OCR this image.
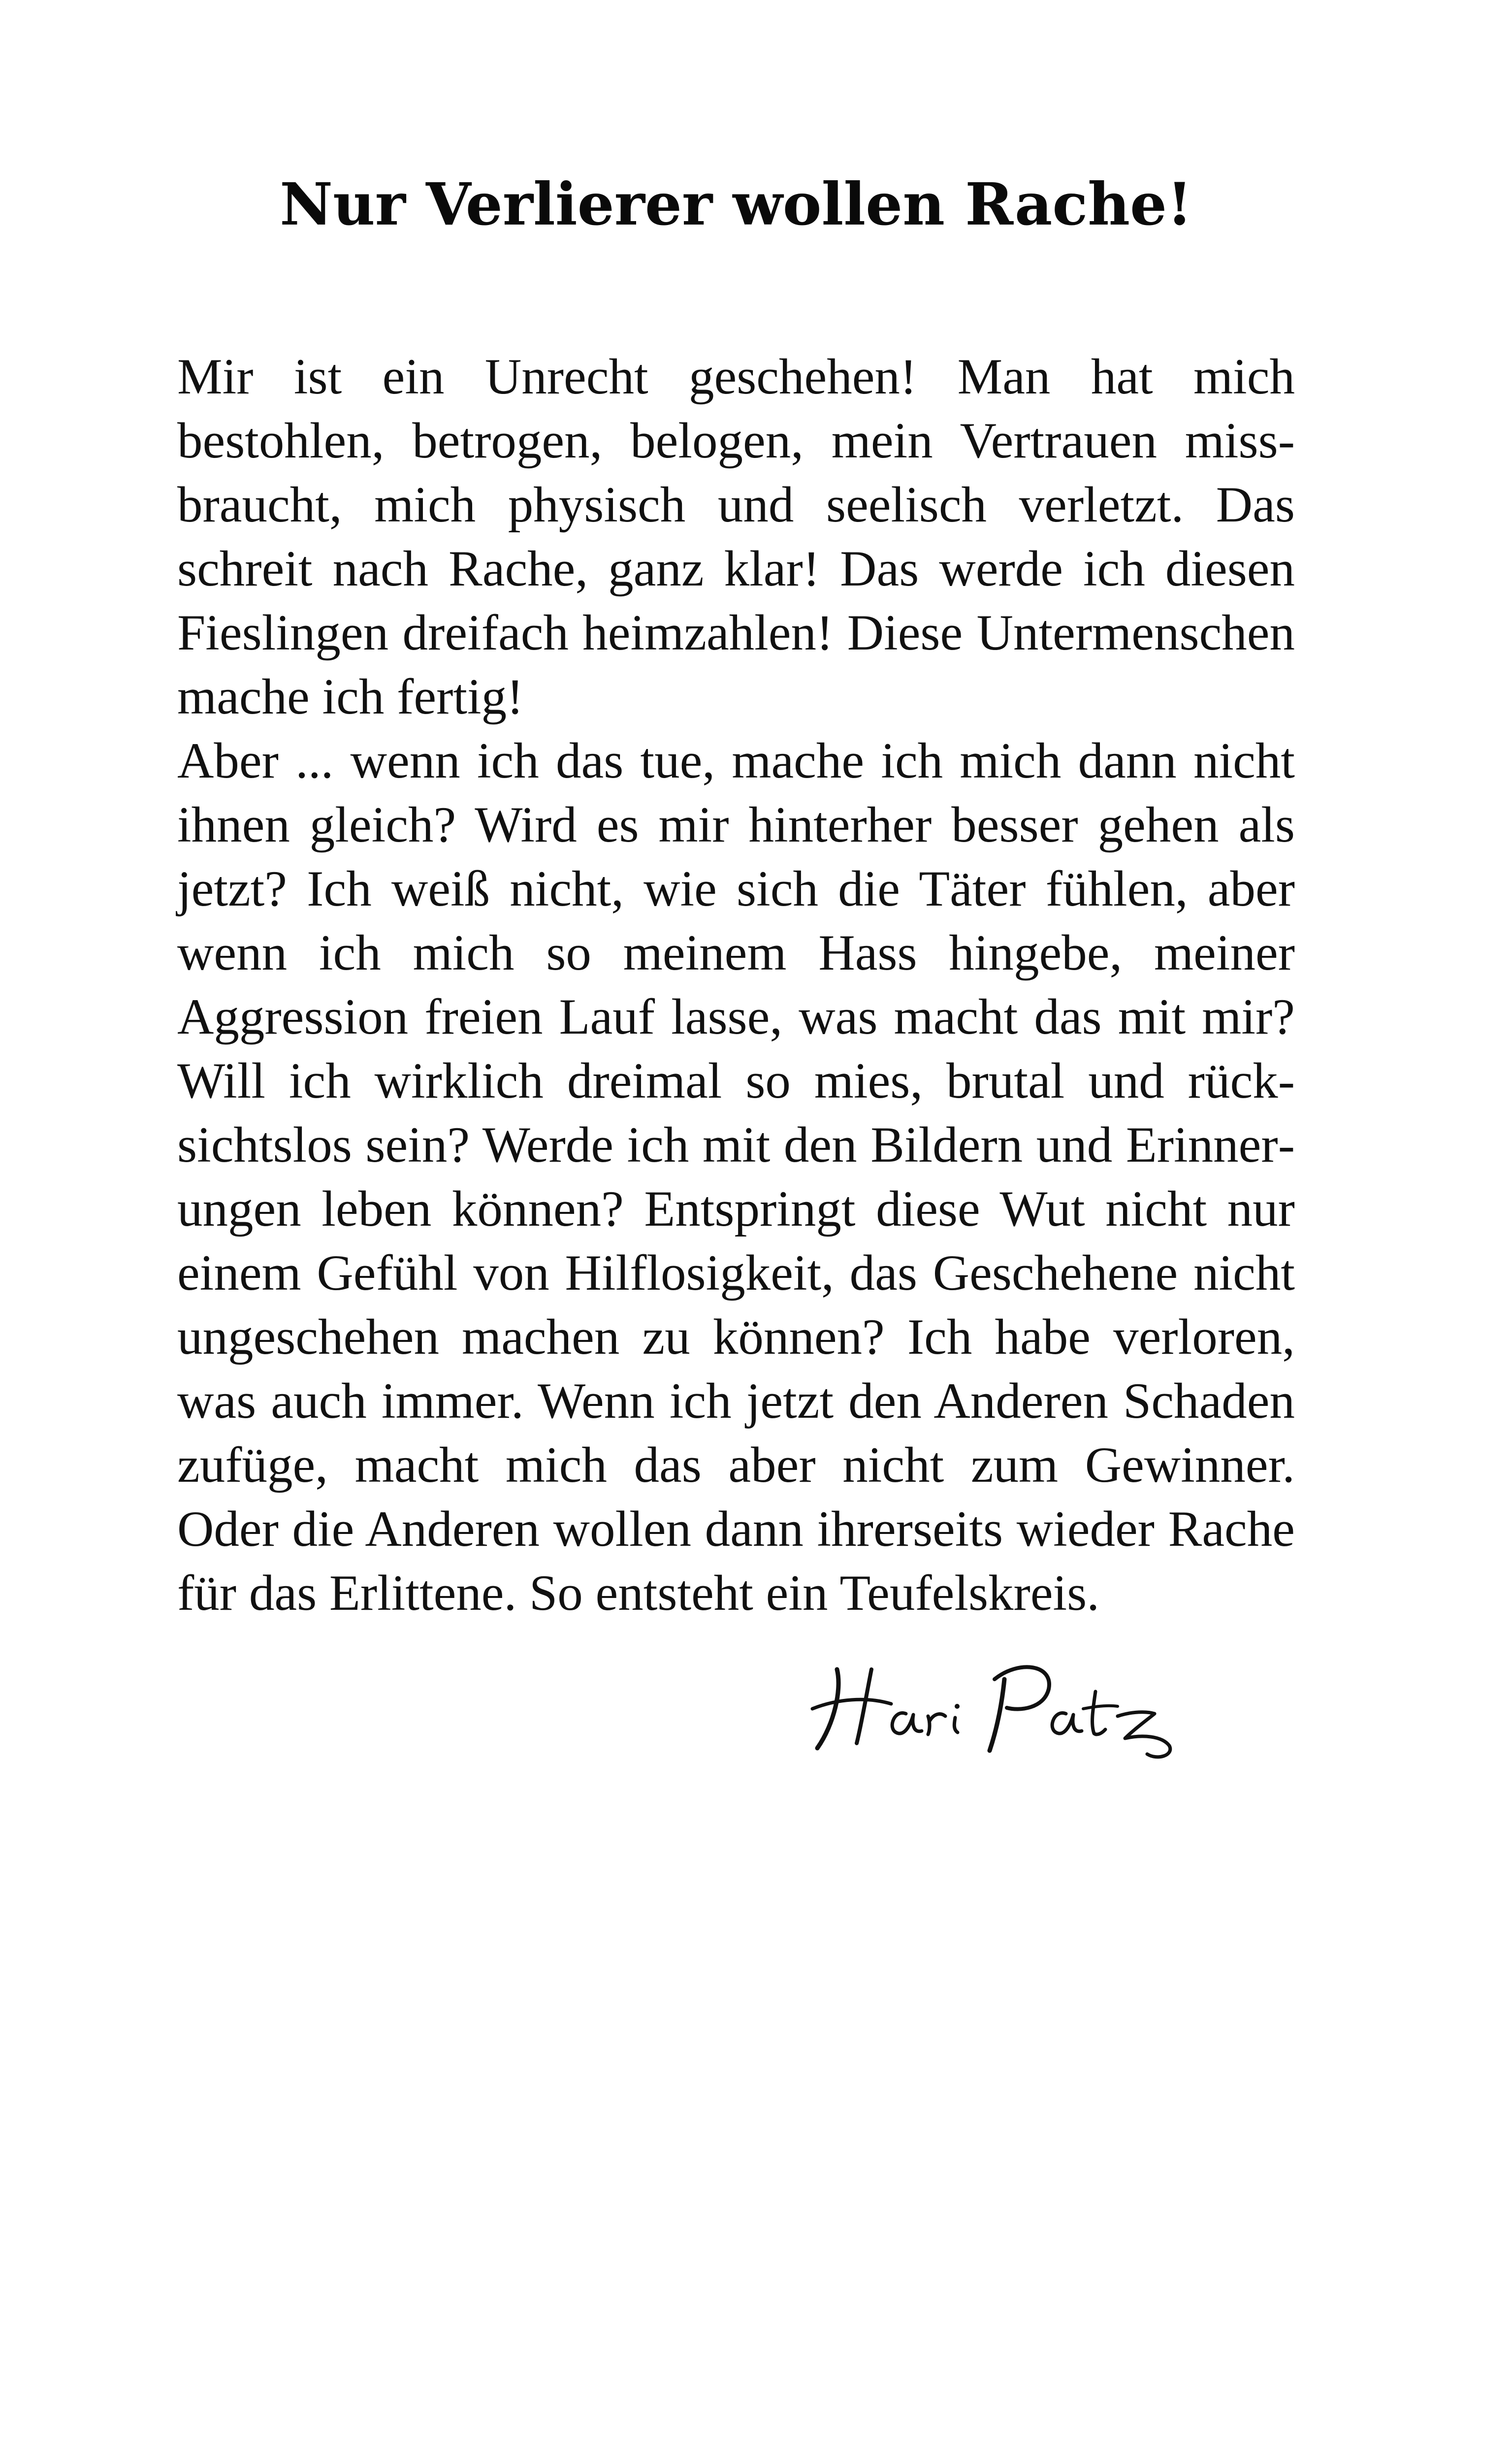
Nur Verlierer wollen Rache!

Mir ist ein Unrecht geschehen! Man hat mich bestohlen, betrogen, belogen, mein Vertrauen missbraucht, mich physisch und seelisch verletzt. Das schreit nach Rache, ganz klar! Das werde ich diesen Fieslingen dreifach heimzahlen! Diese Untermenschen mache ich fertig!

Aber ... wenn ich das tue, mache ich mich dann nicht ihnen gleich? Wird es mir hinterher besser gehen als jetzt? Ich weiß nicht, wie sich die Täter fühlen, aber wenn ich mich so meinem Hass hingebe, meiner Aggression freien Lauf lasse, was macht das mit mir? Will ich wirklich dreimal so mies, brutal und rücksichtslos sein? Werde ich mit den Bildern und Erinnerungen leben können? Entspringt diese Wut nicht nur einem Gefühl von Hilflosigkeit, das Geschehene nicht ungeschehen machen zu können? Ich habe verloren, was auch immer. Wenn ich jetzt den Anderen Schaden zufüge, macht mich das aber nicht zum Gewinner. Oder die Anderen wollen dann ihrerseits wieder Rache für das Erlittene. So entsteht ein Teufelskreis.
